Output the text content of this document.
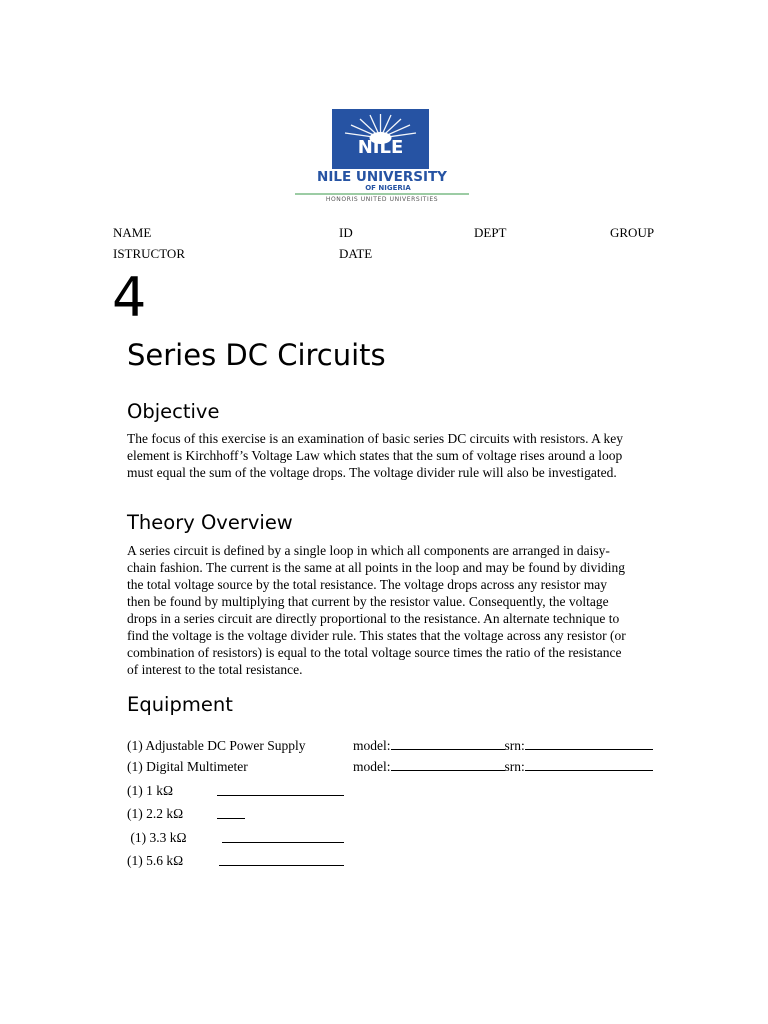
NILE
NILE UNIVERSITY
OF NIGERIA
HONORIS UNITED UNIVERSITIES
NAME	ID	DEPT	GROUP
ISTRUCTOR	DATE
4
Series DC Circuits
Objective
The focus of this exercise is an examination of basic series DC circuits with resistors. A key element is Kirchhoff’s Voltage Law which states that the sum of voltage rises around a loop must equal the sum of the voltage drops. The voltage divider rule will also be investigated.
Theory Overview
A series circuit is defined by a single loop in which all components are arranged in daisy-chain fashion. The current is the same at all points in the loop and may be found by dividing the total voltage source by the total resistance. The voltage drops across any resistor may then be found by multiplying that current by the resistor value. Consequently, the voltage drops in a series circuit are directly proportional to the resistance. An alternate technique to find the voltage is the voltage divider rule. This states that the voltage across any resistor (or combination of resistors) is equal to the total voltage source times the ratio of the resistance of interest to the total resistance.
Equipment
(1) Adjustable DC Power Supply	model:	srn:
(1) Digital Multimeter	model:	srn:
(1) 1 kΩ
(1) 2.2 kΩ
(1) 3.3 kΩ
(1) 5.6 kΩ
